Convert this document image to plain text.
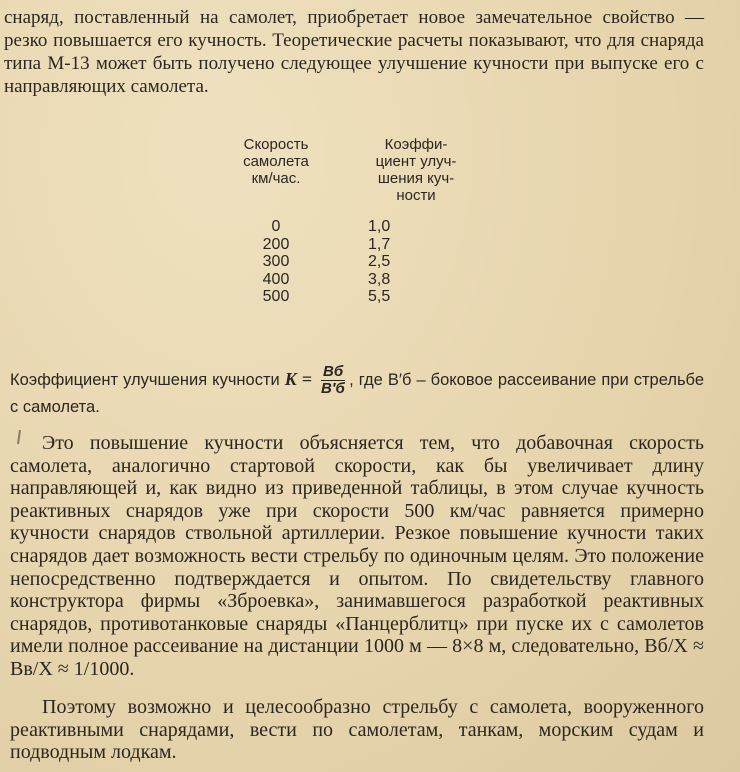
снаряд, поставленный на самолет, приобретает новое замечательное свойство — резко повышается его кучность. Теоретические расчеты показывают, что для снаряда типа М-13 может быть получено следующее улучшение кучности при выпуске его с направляющих самолета.

Скорость
самолета
км/час.
Коэффи-
циент улуч-
шения куч-
ности
0
200
300
400
500
1,0
1,7
2,5
3,8
5,5

Коэффициент улучшения кучности $K = \frac{Bб}{B'б}$ , где B′б – боковое рассеивание при стрельбе с самолета.

Это повышение кучности объясняется тем, что добавочная скорость самолета, аналогично стартовой скорости, как бы увеличивает длину направляющей и, как видно из приведенной таблицы, в этом случае кучность реактивных снарядов уже при скорости 500 км/час равняется примерно кучности снарядов ствольной артиллерии. Резкое повышение кучности таких снарядов дает возможность вести стрельбу по одиночным целям. Это положение непосредственно подтверждается и опытом. По свидетельству главного конструктора фирмы «Зброевка», занимавшегося разработкой реактивных снарядов, противотанковые снаряды «Панцерблитц» при пуске их с самолетов имели полное рассеивание на дистанции 1000 м — 8×8 м, следовательно, Bб/X ≈ Bв/X ≈ 1/1000.

Поэтому возможно и целесообразно стрельбу с самолета, вооруженного реактивными снарядами, вести по самолетам, танкам, морским судам и подводным лодкам.
